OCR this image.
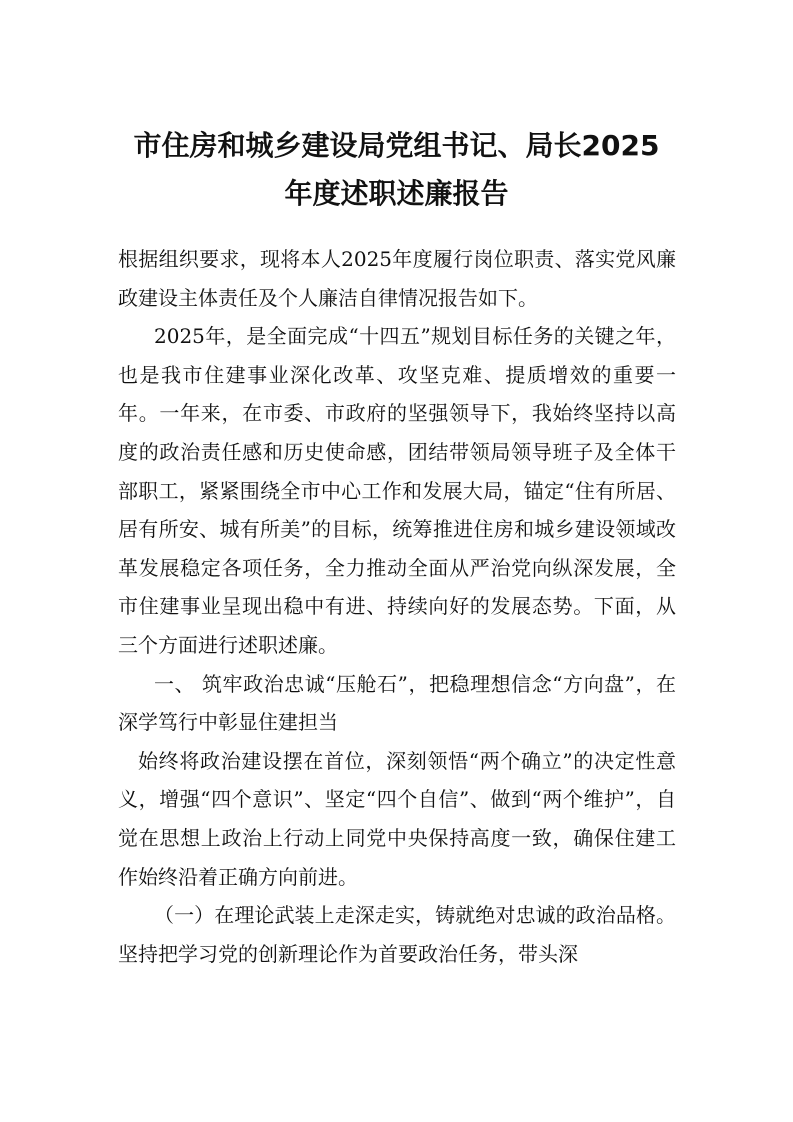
市住房和城乡建设局党组书记、局长2025
年度述职述廉报告

根据组织要求，现将本人2025年度履行岗位职责、落实党风廉政建设主体责任及个人廉洁自律情况报告如下。

2025年，是全面完成“十四五”规划目标任务的关键之年，也是我市住建事业深化改革、攻坚克难、提质增效的重要一年。一年来，在市委、市政府的坚强领导下，我始终坚持以高度的政治责任感和历史使命感，团结带领局领导班子及全体干部职工，紧紧围绕全市中心工作和发展大局，锚定“住有所居、居有所安、城有所美”的目标，统筹推进住房和城乡建设领域改革发展稳定各项任务，全力推动全面从严治党向纵深发展，全市住建事业呈现出稳中有进、持续向好的发展态势。下面，从三个方面进行述职述廉。

一、 筑牢政治忠诚“压舱石”，把稳理想信念“方向盘”，在深学笃行中彰显住建担当

始终将政治建设摆在首位，深刻领悟“两个确立”的决定性意义，增强“四个意识”、坚定“四个自信”、做到“两个维护”，自觉在思想上政治上行动上同党中央保持高度一致，确保住建工作始终沿着正确方向前进。

（一）在理论武装上走深走实，铸就绝对忠诚的政治品格。 坚持把学习党的创新理论作为首要政治任务，带头深
